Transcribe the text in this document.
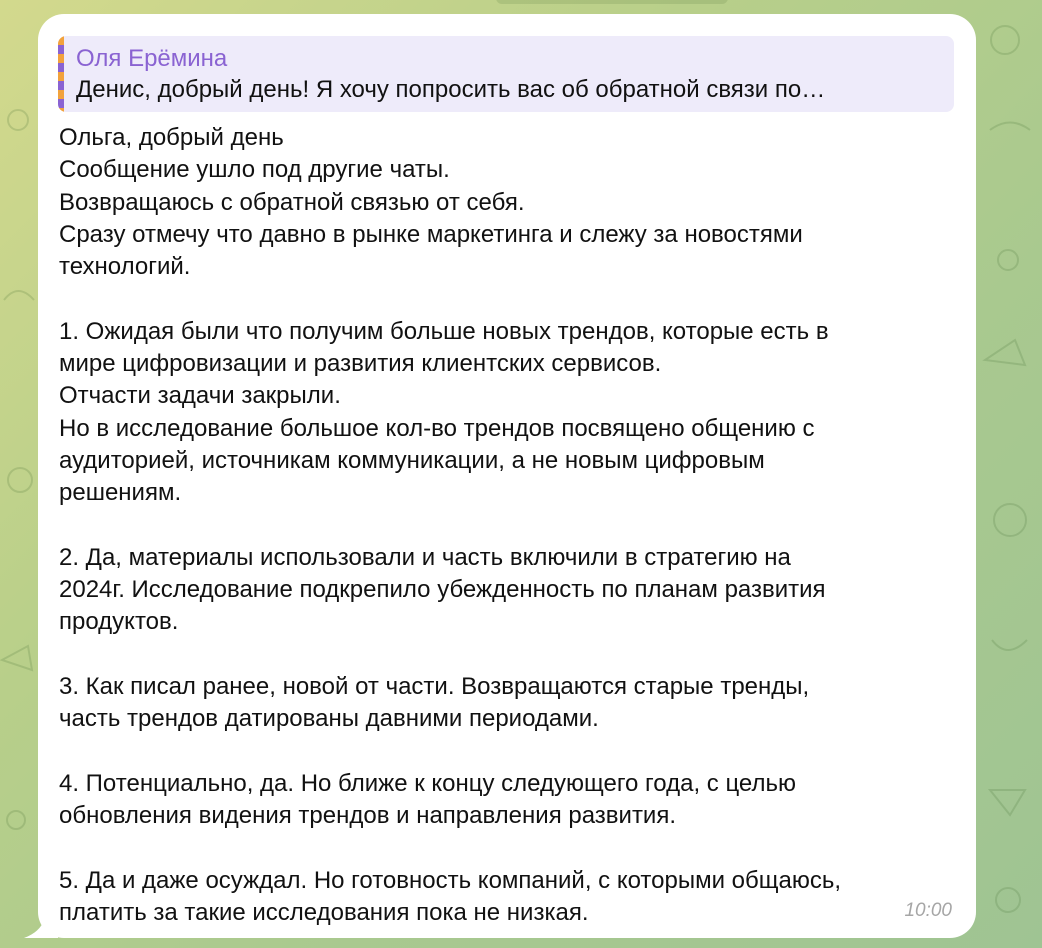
Оля Ерёмина
Денис, добрый день! Я хочу попросить вас об обратной связи по…

Ольга, добрый день
Сообщение ушло под другие чаты.
Возвращаюсь с обратной связью от себя.
Сразу отмечу что давно в рынке маркетинга и слежу за новостями
технологий.

1. Ожидая были что получим больше новых трендов, которые есть в
мире цифровизации и развития клиентских сервисов.
Отчасти задачи закрыли.
Но в исследование большое кол-во трендов посвящено общению с
аудиторией, источникам коммуникации, а не новым цифровым
решениям.

2. Да, материалы использовали и часть включили в стратегию на
2024г. Исследование подкрепило убежденность по планам развития
продуктов.

3. Как писал ранее, новой от части. Возвращаются старые тренды,
часть трендов датированы давними периодами.

4. Потенциально, да. Но ближе к концу следующего года, с целью
обновления видения трендов и направления развития.

5. Да и даже осуждал. Но готовность компаний, с которыми общаюсь,
платить за такие исследования пока не низкая.	10:00
